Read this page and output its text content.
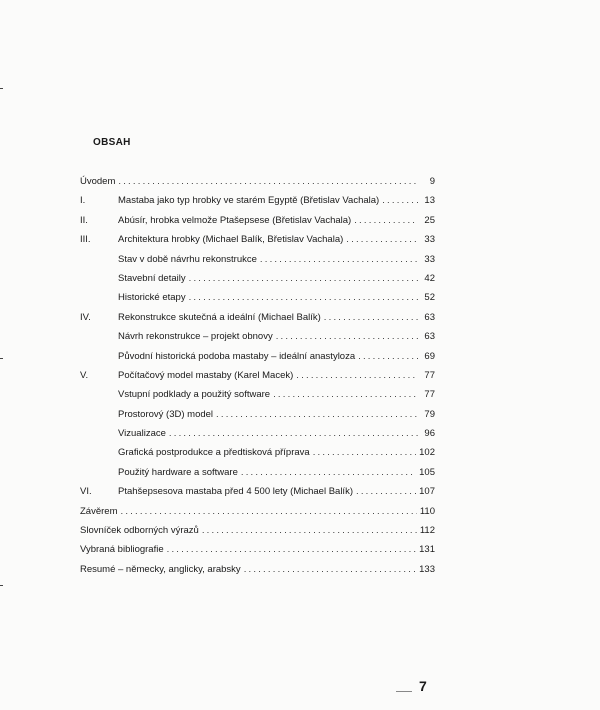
OBSAH
Úvodem .....	9
I.	Mastaba jako typ hrobky ve starém Egyptě (Břetislav Vachala) .....	13
II.	Abúsír, hrobka velmože Ptašepsese (Břetislav Vachala) .....	25
III.	Architektura hrobky (Michael Balík, Břetislav Vachala) .....	33
Stav v době návrhu rekonstrukce .....	33
Stavební detaily .....	42
Historické etapy .....	52
IV.	Rekonstrukce skutečná a ideální (Michael Balík) .....	63
Návrh rekonstrukce – projekt obnovy .....	63
Původní historická podoba mastaby – ideální anastyloza .....	69
V.	Počítačový model mastaby (Karel Macek) .....	77
Vstupní podklady a použitý software .....	77
Prostorový (3D) model .....	79
Vizualizace .....	96
Grafická postprodukce a předtisková příprava .....	102
Použitý hardware a software .....	105
VI.	Ptahšepsesova mastaba před 4 500 lety (Michael Balík) .....	107
Závěrem .....	110
Slovníček odborných výrazů .....	112
Vybraná bibliografie .....	131
Resumé – německy, anglicky, arabsky .....	133
7
